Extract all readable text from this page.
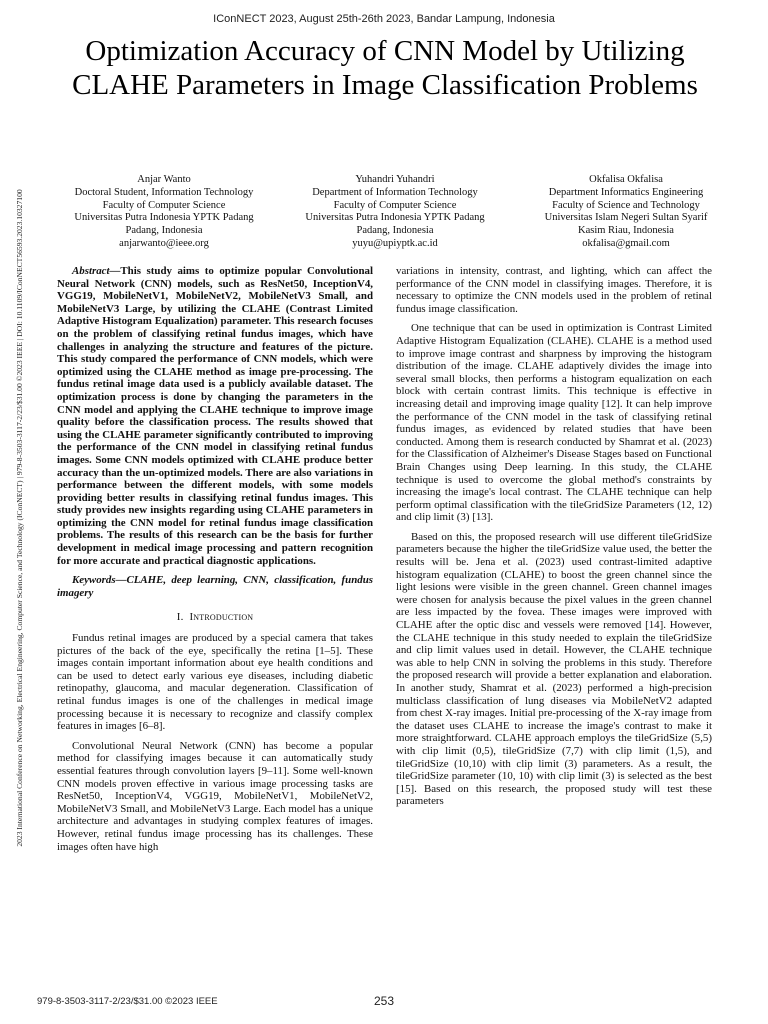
IConNECT 2023, August 25th-26th 2023, Bandar Lampung, Indonesia
Optimization Accuracy of CNN Model by Utilizing CLAHE Parameters in Image Classification Problems
2023 International Conference on Networking, Electrical Engineering, Computer Science, and Technology (IConNECT) | 979-8-3503-3117-2/23/$31.00 ©2023 IEEE | DOI: 10.1109/IConNECT56593.2023.10327100
Anjar Wanto
Doctoral Student, Information Technology
Faculty of Computer Science
Universitas Putra Indonesia YPTK Padang
Padang, Indonesia
anjarwanto@ieee.org
Yuhandri Yuhandri
Department of Information Technology
Faculty of Computer Science
Universitas Putra Indonesia YPTK Padang
Padang, Indonesia
yuyu@upiyptk.ac.id
Okfalisa Okfalisa
Department Informatics Engineering
Faculty of Science and Technology
Universitas Islam Negeri Sultan Syarif
Kasim Riau, Indonesia
okfalisa@gmail.com

Abstract—This study aims to optimize popular Convolutional Neural Network (CNN) models, such as ResNet50, InceptionV4, VGG19, MobileNetV1, MobileNetV2, MobileNetV3 Small, and MobileNetV3 Large, by utilizing the CLAHE (Contrast Limited Adaptive Histogram Equalization) parameter. This research focuses on the problem of classifying retinal fundus images, which have challenges in analyzing the structure and features of the picture. This study compared the performance of CNN models, which were optimized using the CLAHE method as image pre-processing. The fundus retinal image data used is a publicly available dataset. The optimization process is done by changing the parameters in the CNN model and applying the CLAHE technique to improve image quality before the classification process. The results showed that using the CLAHE parameter significantly contributed to improving the performance of the CNN model in classifying retinal fundus images. Some CNN models optimized with CLAHE produce better accuracy than the un-optimized models. There are also variations in performance between the different models, with some models providing better results in classifying retinal fundus images. This study provides new insights regarding using CLAHE parameters in optimizing the CNN model for retinal fundus image classification problems. The results of this research can be the basis for further development in medical image processing and pattern recognition for more accurate and practical diagnostic applications.

Keywords—CLAHE, deep learning, CNN, classification, fundus imagery

I. Introduction

Fundus retinal images are produced by a special camera that takes pictures of the back of the eye, specifically the retina [1–5]. These images contain important information about eye health conditions and can be used to detect early various eye diseases, including diabetic retinopathy, glaucoma, and macular degeneration. Classification of retinal fundus images is one of the challenges in medical image processing because it is necessary to recognize and classify complex features in images [6–8].

Convolutional Neural Network (CNN) has become a popular method for classifying images because it can automatically study essential features through convolution layers [9–11]. Some well-known CNN models proven effective in various image processing tasks are ResNet50, InceptionV4, VGG19, MobileNetV1, MobileNetV2, MobileNetV3 Small, and MobileNetV3 Large. Each model has a unique architecture and advantages in studying complex features of images. However, retinal fundus image processing has its challenges. These images often have high

variations in intensity, contrast, and lighting, which can affect the performance of the CNN model in classifying images. Therefore, it is necessary to optimize the CNN models used in the problem of retinal fundus image classification.

One technique that can be used in optimization is Contrast Limited Adaptive Histogram Equalization (CLAHE). CLAHE is a method used to improve image contrast and sharpness by improving the histogram distribution of the image. CLAHE adaptively divides the image into several small blocks, then performs a histogram equalization on each block with certain contrast limits. This technique is effective in increasing detail and improving image quality [12]. It can help improve the performance of the CNN model in the task of classifying retinal fundus images, as evidenced by related studies that have been conducted. Among them is research conducted by Shamrat et al. (2023) for the Classification of Alzheimer's Disease Stages based on Functional Brain Changes using Deep learning. In this study, the CLAHE technique is used to overcome the global method's constraints by increasing the image's local contrast. The CLAHE technique can help perform optimal classification with the tileGridSize Parameters (12, 12) and clip limit (3) [13].

Based on this, the proposed research will use different tileGridSize parameters because the higher the tileGridSize value used, the better the results will be. Jena et al. (2023) used contrast-limited adaptive histogram equalization (CLAHE) to boost the green channel since the light lesions were visible in the green channel. Green channel images were chosen for analysis because the pixel values in the green channel are less impacted by the fovea. These images were improved with CLAHE after the optic disc and vessels were removed [14]. However, the CLAHE technique in this study needed to explain the tileGridSize and clip limit values used in detail. However, the CLAHE technique was able to help CNN in solving the problems in this study. Therefore the proposed research will provide a better explanation and elaboration. In another study, Shamrat et al. (2023) performed a high-precision multiclass classification of lung diseases via MobileNetV2 adapted from chest X-ray images. Initial pre-processing of the X-ray image from the dataset uses CLAHE to increase the image's contrast to make it more straightforward. CLAHE approach employs the tileGridSize (5,5) with clip limit (0,5), tileGridSize (7,7) with clip limit (1,5), and tileGridSize (10,10) with clip limit (3) parameters. As a result, the tileGridSize parameter (10, 10) with clip limit (3) is selected as the best [15]. Based on this research, the proposed study will test these parameters

979-8-3503-3117-2/23/$31.00 ©2023 IEEE	253
